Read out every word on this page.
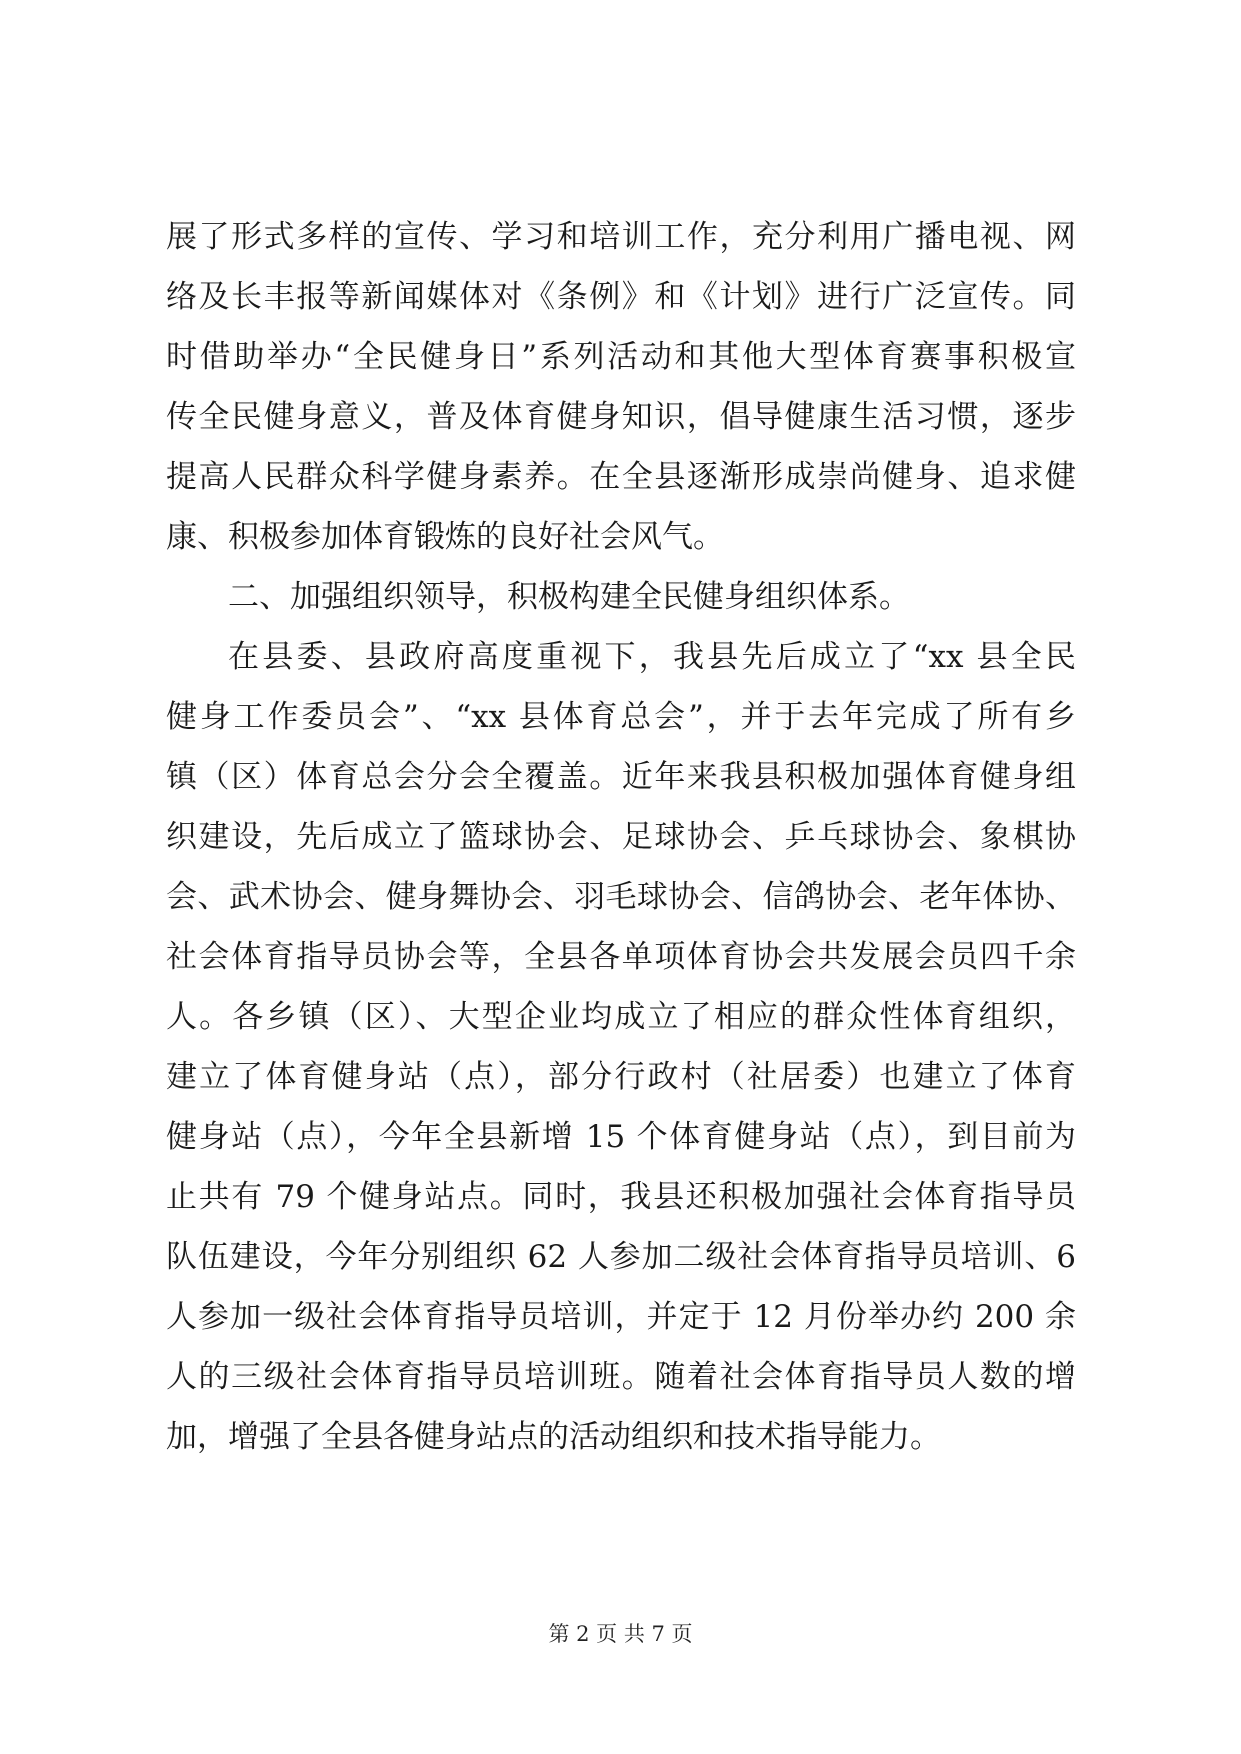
展了形式多样的宣传、学习和培训工作，充分利用广播电视、网
络及长丰报等新闻媒体对《条例》和《计划》进行广泛宣传。同
时借助举办“全民健身日”系列活动和其他大型体育赛事积极宣
传全民健身意义，普及体育健身知识，倡导健康生活习惯，逐步
提高人民群众科学健身素养。在全县逐渐形成崇尚健身、追求健
康、积极参加体育锻炼的良好社会风气。
二、加强组织领导，积极构建全民健身组织体系。
在县委、县政府高度重视下，我县先后成立了“xx 县全民
健身工作委员会”、“xx 县体育总会”，并于去年完成了所有乡
镇（区）体育总会分会全覆盖。近年来我县积极加强体育健身组
织建设，先后成立了篮球协会、足球协会、乒乓球协会、象棋协
会、武术协会、健身舞协会、羽毛球协会、信鸽协会、老年体协、
社会体育指导员协会等，全县各单项体育协会共发展会员四千余
人。各乡镇（区）、大型企业均成立了相应的群众性体育组织，
建立了体育健身站（点），部分行政村（社居委）也建立了体育
健身站（点），今年全县新增 15 个体育健身站（点），到目前为
止共有 79 个健身站点。同时，我县还积极加强社会体育指导员
队伍建设，今年分别组织 62 人参加二级社会体育指导员培训、6
人参加一级社会体育指导员培训，并定于 12 月份举办约 200 余
人的三级社会体育指导员培训班。随着社会体育指导员人数的增
加，增强了全县各健身站点的活动组织和技术指导能力。
第 2 页 共 7 页
